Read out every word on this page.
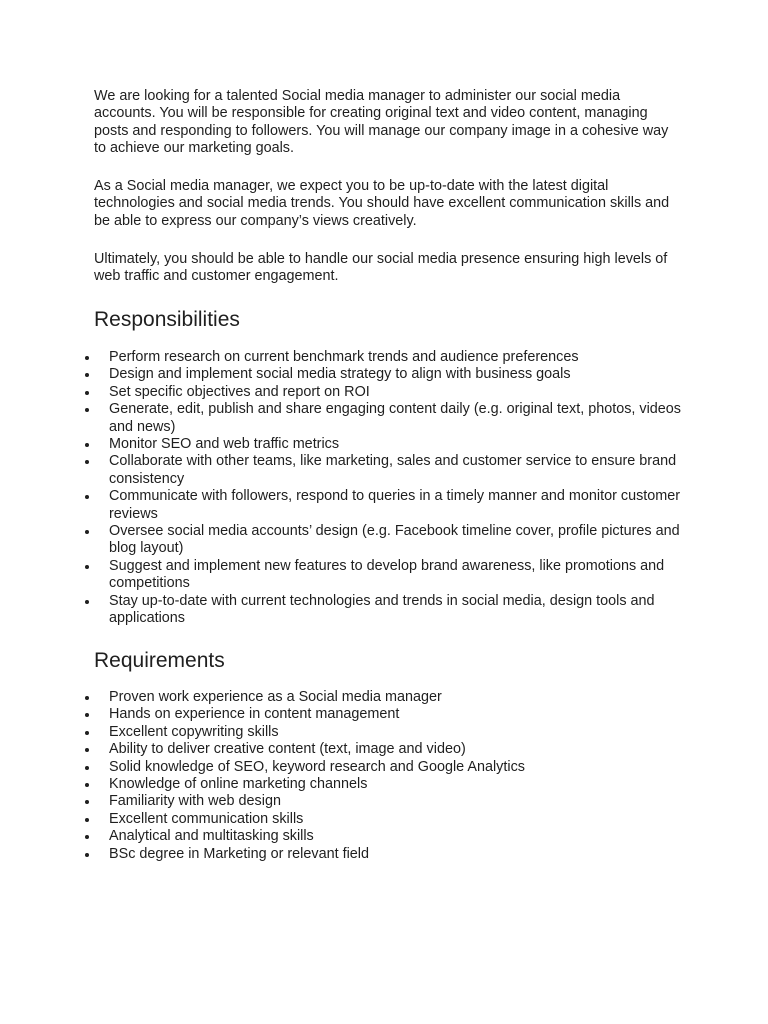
We are looking for a talented Social media manager to administer our social media accounts. You will be responsible for creating original text and video content, managing posts and responding to followers. You will manage our company image in a cohesive way to achieve our marketing goals.

As a Social media manager, we expect you to be up-to-date with the latest digital technologies and social media trends. You should have excellent communication skills and be able to express our company’s views creatively.

Ultimately, you should be able to handle our social media presence ensuring high levels of web traffic and customer engagement.

Responsibilities
Perform research on current benchmark trends and audience preferences
Design and implement social media strategy to align with business goals
Set specific objectives and report on ROI
Generate, edit, publish and share engaging content daily (e.g. original text, photos, videos and news)
Monitor SEO and web traffic metrics
Collaborate with other teams, like marketing, sales and customer service to ensure brand consistency
Communicate with followers, respond to queries in a timely manner and monitor customer reviews
Oversee social media accounts’ design (e.g. Facebook timeline cover, profile pictures and blog layout)
Suggest and implement new features to develop brand awareness, like promotions and competitions
Stay up-to-date with current technologies and trends in social media, design tools and applications
Requirements
Proven work experience as a Social media manager
Hands on experience in content management
Excellent copywriting skills
Ability to deliver creative content (text, image and video)
Solid knowledge of SEO, keyword research and Google Analytics
Knowledge of online marketing channels
Familiarity with web design
Excellent communication skills
Analytical and multitasking skills
BSc degree in Marketing or relevant field
